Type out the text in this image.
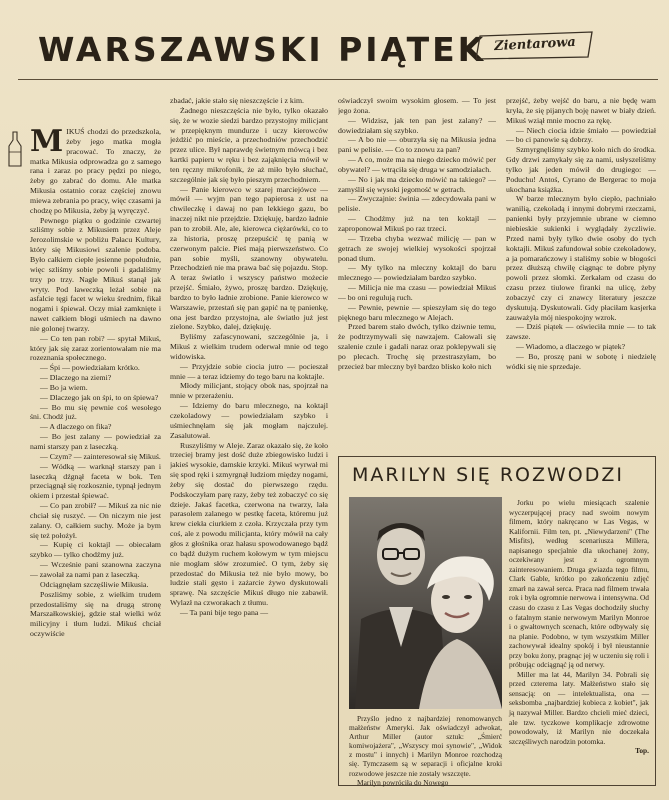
WARSZAWSKI PIĄTEK Zientarowa

MIKUŚ chodzi do przedszkola, żeby jego matka mogła pracować. To znaczy, że matka Mikusia odprowadza go z samego rana i zaraz po pracy pędzi po niego, żeby go zabrać do domu. Ale matka Mikusia ostatnio coraz częściej znowu miewa zebrania po pracy, więc czasami ja chodzę po Mikusia, żeby ją wyręczyć.

Pewnego piątku o godzinie czwartej szliśmy sobie z Mikusiem przez Aleje Jerozolimskie w pobliżu Pałacu Kultury, który się Mikusiowi szalenie podoba. Było całkiem ciepłe jesienne popołudnie, więc szliśmy sobie powoli i gadaliśmy trzy po trzy. Nagle Mikuś stanął jak wryty. Pod ławeczką leżał sobie na asfalcie tęgi facet w wieku średnim, fikał nogami i śpiewał. Oczy miał zamknięte i nawet całkiem błogi uśmiech na dawno nie golonej twarzy.

— Co ten pan robi? — spytał Mikuś, który jak się zaraz zorientowałam nie ma rozeznania społecznego.

— Śpi — powiedziałam krótko.

— Dlaczego na ziemi?

— Bo ja wiem.

— Dlaczego jak on śpi, to on śpiewa?

— Bo mu się pewnie coś wesołego śni. Chodź już.

— A dlaczego on fika?

— Bo jest zalany — powiedział za nami starszy pan z laseczką.

— Czym? — zainteresował się Mikuś.

— Wódką — warknął starszy pan i laseczką dźgnął faceta w bok. Ten przeciągnął się rozkosznie, typnął jednym okiem i przestał śpiewać.

— Co pan zrobił? — Mikuś za nic nie chciał się ruszyć. — On niczym nie jest zalany. O, całkiem suchy. Może ja bym się też położył.

— Kupię ci koktajl — obiecałam szybko — tylko chodźmy już.

— Wcześnie pani szanowna zaczyna — zawołał za nami pan z laseczką.

Odciągnęłam szczęśliwie Mikusia.

Poszliśmy sobie, z wielkim trudem przedostaliśmy się na drugą stronę Marszałkowskiej, gdzie stał wielki wóz milicyjny i tłum ludzi. Mikuś chciał oczywiście

zbadać, jakie stało się nieszczęście i z kim.

Żadnego nieszczęścia nie było, tylko okazało się, że w wozie siedzi bardzo przystojny milicjant w przepięknym mundurze i uczy kierowców jeżdżić po mieście, a przechodniów przechodzić przez ulice. Był naprawdę świetnym mówcą i bez kartki papieru w ręku i bez zająknięcia mówił w ten ręczny mikrofonik, że aż miło było słuchać, szczególnie jak się było pieszym przechodniem.

— Panie kierowco w szarej marciejówce — mówił — wyjm pan tego papierosa z ust na chwileczkę i dawaj no pan lekkiego gazu, bo inaczej nikt nie przejdzie. Dziękuję, bardzo ładnie pan to zrobił. Ale, ale, kierowca ciężarówki, co to za historia, proszę przepuścić tę panią w czerwonym palcie. Pieś mają pierwszeństwo. Co pan sobie myśli, szanowny obywatelu. Przechodzień nie ma prawa bać się pojazdu. Stop. A teraz światło i wszyscy państwo możecie przejść. Śmiało, żywo, proszę bardzo. Dziękuję, bardzo to było ładnie zrobione. Panie kierowco w Warszawie, przestań się pan gapić na tę panienkę, ona jest bardzo przystojna, ale światło już jest zielone. Szybko, dalej, dziękuję.

Byliśmy zafascynowani, szczególnie ja, i Mikuś z wielkim trudem oderwał mnie od tego widowiska.

— Przyjdzie sobie ciocia jutro — pocieszał mnie — a teraz idziemy do tego baru na koktajle.

Młody milicjant, stojący obok nas, spojrzał na mnie w przerażeniu.

— Idziemy do baru mlecznego, na koktajl czekoladowy — powiedziałam szybko i uśmiechnęłam się jak mogłam najczulej. Zasalutował.

Ruszyliśmy w Aleje. Zaraz okazało się, że koło trzeciej bramy jest dość duże zbiegowisko ludzi i jakieś wysokie, damskie krzyki. Mikuś wyrwał mi się spod ręki i szmyrgnął ludziom między nogami, żeby się dostać do pierwszego rzędu. Podskoczyłam parę razy, żeby też zobaczyć co się dzieje. Jakaś facetka, czerwona na twarzy, lała parasolem zalanego w pestkę faceta, któremu już krew ciekła ciurkiem z czoła. Krzyczała przy tym coś, ale z powodu milicjanta, który mówił na cały głos z głośnika oraz hałasu spowodowanego bądź co bądź dużym ruchem kołowym w tym miejscu nie mogłam słów zrozumieć. O tym, żeby się przedostać do Mikusia też nie było mowy, bo ludzie stali gęsto i zażarcie żywo dyskutowali sprawę. Na szczęście Mikuś długo nie zabawił. Wylazł na czworakach z tłumu.

— Ta pani bije tego pana —

oświadczył swoim wysokim głosem. — To jest jego żona.

— Widzisz, jak ten pan jest zalany? — dowiedziałam się szybko.

— A bo nie — oburzyła się na Mikusia jedna pani w pelisie. — Co to znowu za pan?

— A co, może ma na niego dziecko mówić per obywatel? — wtrąciła się druga w samodziałach.

— No i jak ma dziecko mówić na takiego? — zamyślił się wysoki jegomość w getrach.

— Zwyczajnie: świnia — zdecydowała pani w pelisie.

— Chodźmy już na ten koktajl — zaproponował Mikuś po raz trzeci.

— Trzeba chyba wezwać milicję — pan w getrach ze swojej wielkiej wysokości spojrzał ponad tłum.

— My tylko na mleczny koktajl do baru mlecznego — powiedziałam bardzo szybko.

— Milicja nie ma czasu — powiedział Mikuś — bo oni regulują ruch.

— Pewnie, pewnie — spieszyłam się do tego pięknego baru mlecznego w Alejach.

Przed barem stało dwóch, tylko dziwnie temu, że podtrzymywali się nawzajem. Całowali się szalenie czule i gadali naraz oraz poklepywali się po plecach. Trochę się przestraszyłam, bo przecież bar mleczny był bardzo blisko koło nich

przejść, żeby wejść do baru, a nie będę wam kryła, że się pijanych boję nawet w biały dzień. Mikuś wziął mnie mocno za rękę.

— Niech ciocia idzie śmiało — powiedział — bo ci panowie są dobrzy.

Szmyrgnęliśmy szybko koło nich do środka. Gdy drzwi zamykały się za nami, usłyszeliśmy tylko jak jeden mówił do drugiego: — Poduchu! Antoś, Cyrano de Bergerac to moja ukochana książka.

W barze mlecznym było ciepło, pachniało wanilią, czekoladą i innymi dobrymi rzeczami, panienki były przyjemnie ubrane w ciemno niebieskie sukienki i wyglądały życzliwie. Przed nami były tylko dwie osoby do tych koktajli. Mikuś zafundował sobie czekoladowy, a ja pomarańczowy i staliśmy sobie w błogości przez dłuższą chwilę ciągnąc te dobre płyny powoli przez słomki. Zerkałam od czasu do czasu przez tiulowe firanki na ulicę, żeby zobaczyć czy ci znawcy literatury jeszcze dyskutują. Dyskutowali. Gdy płaciłam kasjerka zauważyła mój niespokojny wzrok.

— Dziś piątek — oświeciła mnie — to tak zawsze.

— Wiadomo, a dlaczego w piątek?

— Bo, proszę pani w sobotę i niedzielę wódki się nie sprzedaje.

MARILYN SIĘ ROZWODZI

Przyślo jedno z najbardziej renomowanych małżeństw Ameryki. Jak oświadczył adwokat, Arthur Miller (autor sztuk: „Śmierć komiwojażera", „Wszyscy moi synowie", „Widok z mostu" i innych) i Marilyn Monroe rozchodzą się. Tymczasem są w separacji i oficjalne kroki rozwodowe jeszcze nie zostały wszczęte.

Marilyn powróciła do Nowego

Jorku po wielu miesiącach szalenie wyczerpującej pracy nad swoim nowym filmem, który nakręcano w Las Vegas, w Kalifornii. Film ten, pt. „Niewydarzeni" (The Misfits), według scenariusza Millera, napisanego specjalnie dla ukochanej żony, oczekiwany jest z ogromnym zainteresowaniem. Druga gwiazda tego filmu, Clark Gable, krótko po zakończeniu zdjęć zmarł na zawał serca. Praca nad filmem trwała rok i była ogromnie nerwowa i intensywna. Od czasu do czasu z Las Vegas dochodziły słuchy o fatalnym stanie nerwowym Marilyn Monroe i o gwałtownych scenach, które odbywały się na planie. Podobno, w tym wszystkim Miller zachowywał idealny spokój i był nieustannie przy boku żony, pragnąc jej w uczeniu się roli i próbując odciągnąć ją od nerwy.

Miller ma lat 44, Marilyn 34. Pobrali się przed czterema laty. Małżeństwo stało się sensacją: on — intelektualista, ona — seksbomba „najbardziej kobieca z kobiet", jak ją nazywał Miller. Bardzo chcieli mieć dzieci, ale tzw. tyczkowe komplikacje zdrowotne powodowały, iż Marilyn nie doczekała szczęśliwych narodzin potomka.

Top.
